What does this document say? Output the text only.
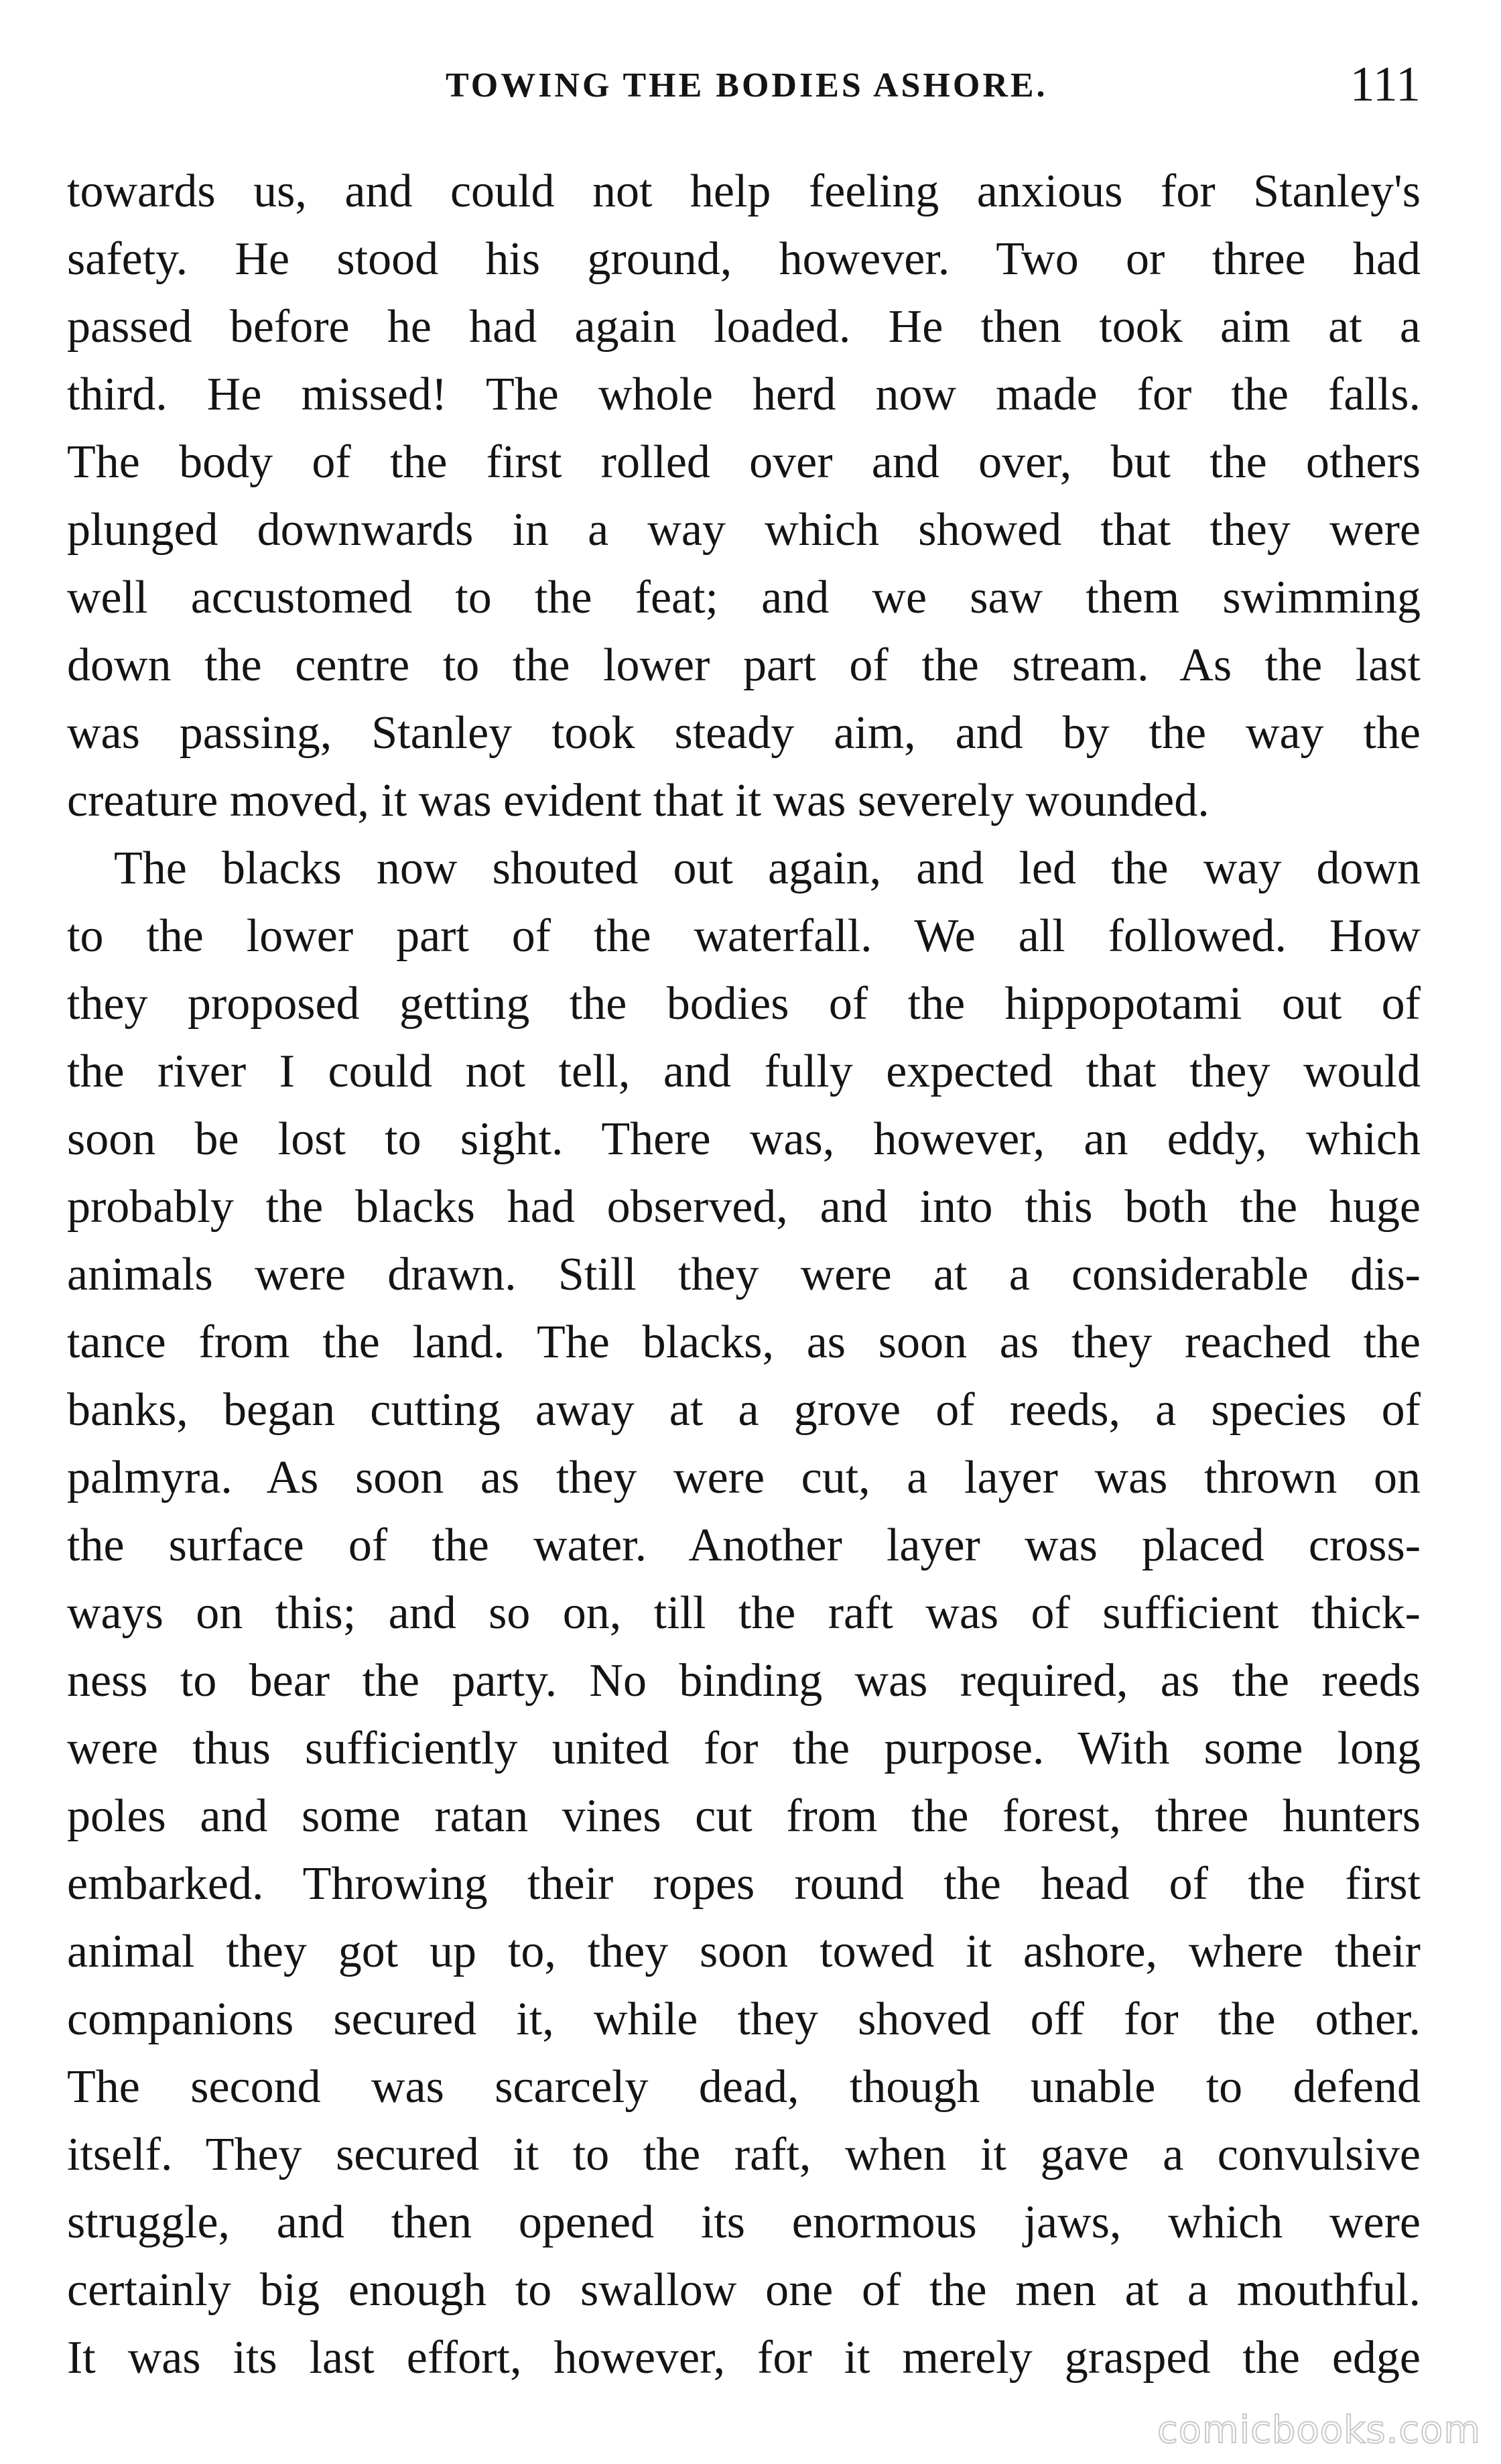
TOWING THE BODIES ASHORE.	111
towards us, and could not help feeling anxious for Stanley's
safety. He stood his ground, however. Two or three had
passed before he had again loaded. He then took aim at a
third. He missed! The whole herd now made for the falls.
The body of the first rolled over and over, but the others
plunged downwards in a way which showed that they were
well accustomed to the feat; and we saw them swimming
down the centre to the lower part of the stream. As the last
was passing, Stanley took steady aim, and by the way the
creature moved, it was evident that it was severely wounded.
The blacks now shouted out again, and led the way down
to the lower part of the waterfall. We all followed. How
they proposed getting the bodies of the hippopotami out of
the river I could not tell, and fully expected that they would
soon be lost to sight. There was, however, an eddy, which
probably the blacks had observed, and into this both the huge
animals were drawn. Still they were at a considerable dis-
tance from the land. The blacks, as soon as they reached the
banks, began cutting away at a grove of reeds, a species of
palmyra. As soon as they were cut, a layer was thrown on
the surface of the water. Another layer was placed cross-
ways on this; and so on, till the raft was of sufficient thick-
ness to bear the party. No binding was required, as the reeds
were thus sufficiently united for the purpose. With some long
poles and some ratan vines cut from the forest, three hunters
embarked. Throwing their ropes round the head of the first
animal they got up to, they soon towed it ashore, where their
companions secured it, while they shoved off for the other.
The second was scarcely dead, though unable to defend
itself. They secured it to the raft, when it gave a convulsive
struggle, and then opened its enormous jaws, which were
certainly big enough to swallow one of the men at a mouthful.
It was its last effort, however, for it merely grasped the edge
comicbooks.com
